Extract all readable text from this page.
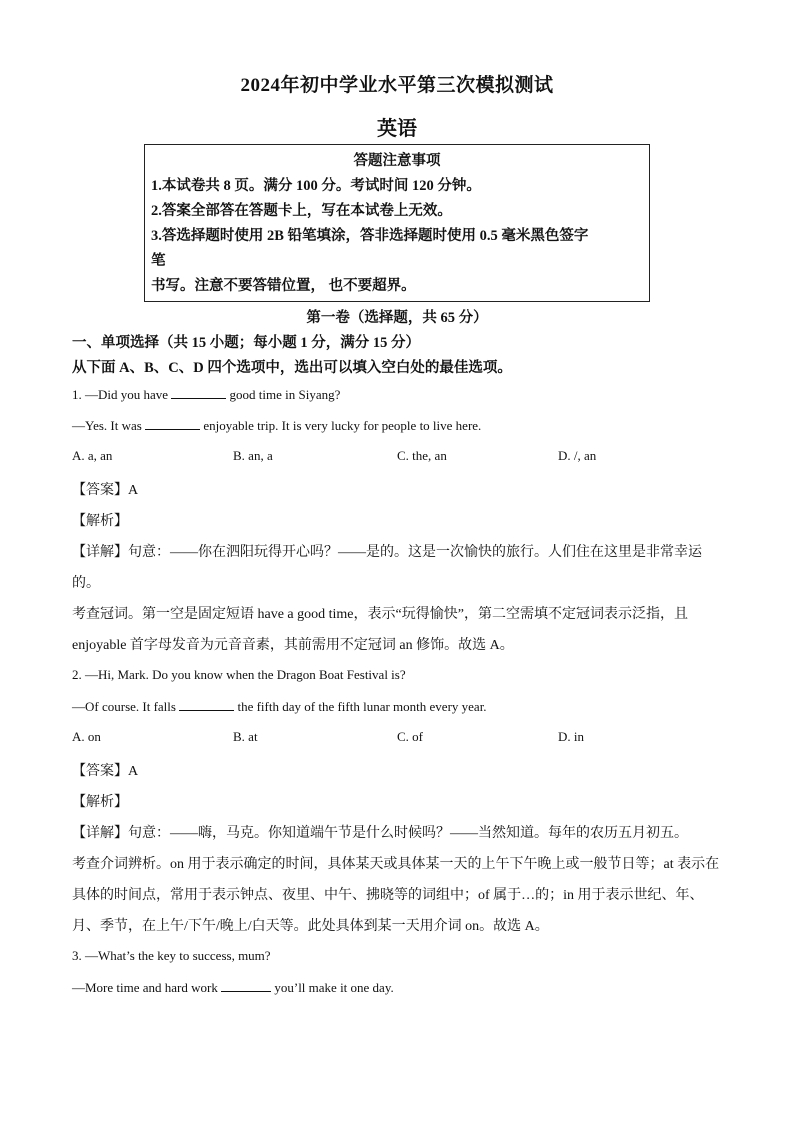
2024年初中学业水平第三次模拟测试
英语
答题注意事项
1.本试卷共 8 页。满分 100 分。考试时间 120 分钟。
2.答案全部答在答题卡上，写在本试卷上无效。
3.答选择题时使用 2B 铅笔填涂，答非选择题时使用 0.5 毫米黑色签字
笔
书写。注意不要答错位置， 也不要超界。
第一卷（选择题，共 65 分）
一、单项选择（共 15 小题；每小题 1 分，满分 15 分）
从下面 A、B、C、D 四个选项中，选出可以填入空白处的最佳选项。
1. —Did you have	good time in Siyang?
—Yes. It was	enjoyable trip. It is very lucky for people to live here.
A. a, an	B. an, a	C. the, an	D. /, an
【答案】A
【解析】
【详解】句意：——你在泗阳玩得开心吗？——是的。这是一次愉快的旅行。人们住在这里是非常幸运
的。
考查冠词。第一空是固定短语 have a good time，表示“玩得愉快”，第二空需填不定冠词表示泛指，且
enjoyable 首字母发音为元音音素，其前需用不定冠词 an 修饰。故选 A。
2. —Hi, Mark. Do you know when the Dragon Boat Festival is?
—Of course. It falls	the fifth day of the fifth lunar month every year.
A. on	B. at	C. of	D. in
【答案】A
【解析】
【详解】句意：——嗨，马克。你知道端午节是什么时候吗？——当然知道。每年的农历五月初五。
考查介词辨析。on 用于表示确定的时间，具体某天或具体某一天的上午下午晚上或一般节日等；at 表示在
具体的时间点，常用于表示钟点、夜里、中午、拂晓等的词组中；of 属于…的；in 用于表示世纪、年、
月、季节，在上午/下午/晚上/白天等。此处具体到某一天用介词 on。故选 A。
3. —What’s the key to success, mum?
—More time and hard work	you’ll make it one day.
